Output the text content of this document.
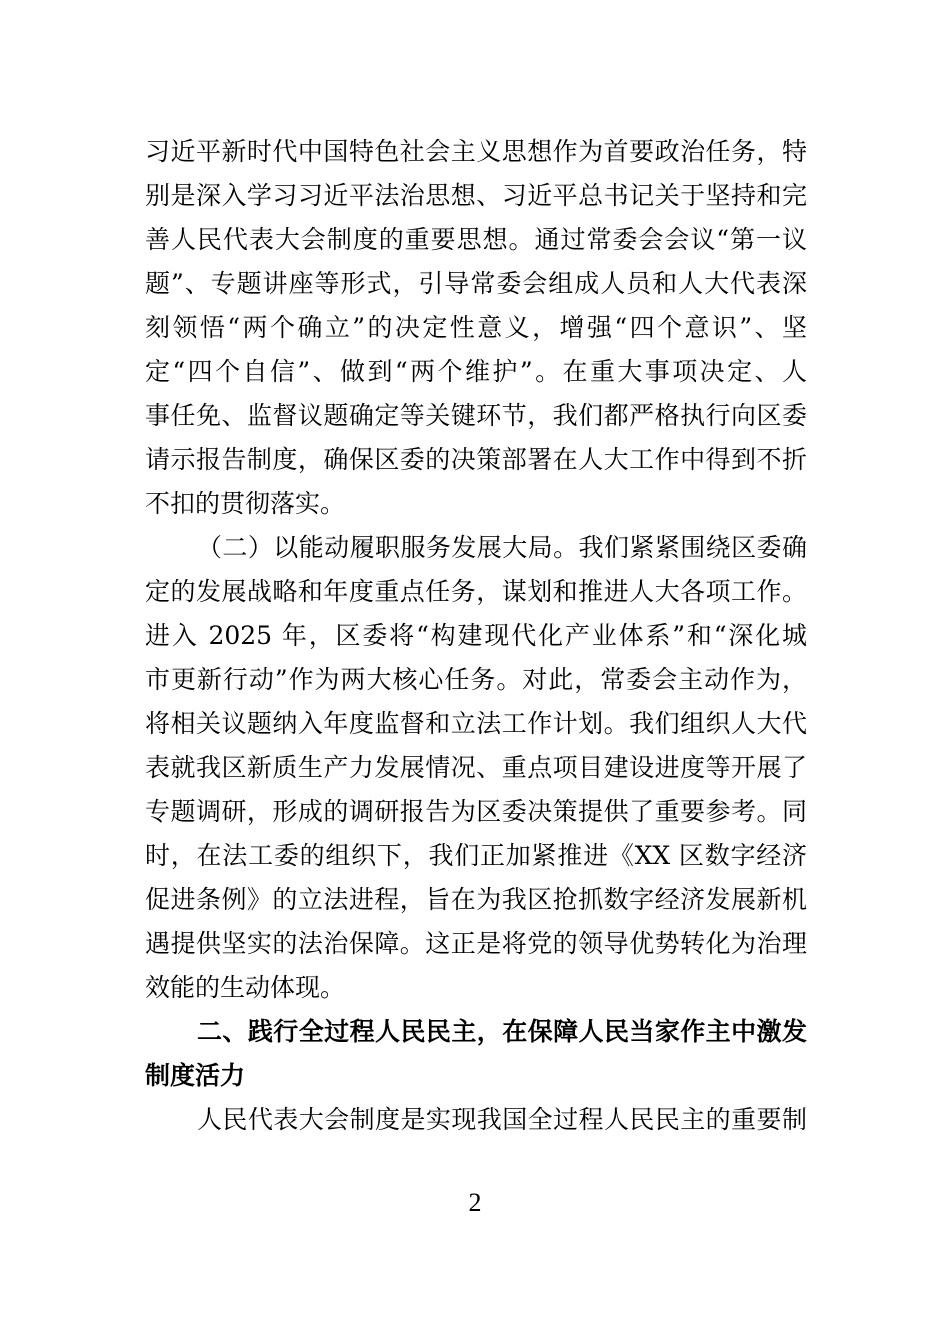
习近平新时代中国特色社会主义思想作为首要政治任务，特
别是深入学习习近平法治思想、习近平总书记关于坚持和完
善人民代表大会制度的重要思想。通过常委会会议“第一议
题”、专题讲座等形式，引导常委会组成人员和人大代表深
刻领悟“两个确立”的决定性意义，增强“四个意识”、坚
定“四个自信”、做到“两个维护”。在重大事项决定、人
事任免、监督议题确定等关键环节，我们都严格执行向区委
请示报告制度，确保区委的决策部署在人大工作中得到不折
不扣的贯彻落实。
（二）以能动履职服务发展大局。我们紧紧围绕区委确
定的发展战略和年度重点任务，谋划和推进人大各项工作。
进入 2025 年，区委将“构建现代化产业体系”和“深化城
市更新行动”作为两大核心任务。对此，常委会主动作为，
将相关议题纳入年度监督和立法工作计划。我们组织人大代
表就我区新质生产力发展情况、重点项目建设进度等开展了
专题调研，形成的调研报告为区委决策提供了重要参考。同
时，在法工委的组织下，我们正加紧推进《XX 区数字经济
促进条例》的立法进程，旨在为我区抢抓数字经济发展新机
遇提供坚实的法治保障。这正是将党的领导优势转化为治理
效能的生动体现。
二、践行全过程人民民主，在保障人民当家作主中激发
制度活力
人民代表大会制度是实现我国全过程人民民主的重要制
2
